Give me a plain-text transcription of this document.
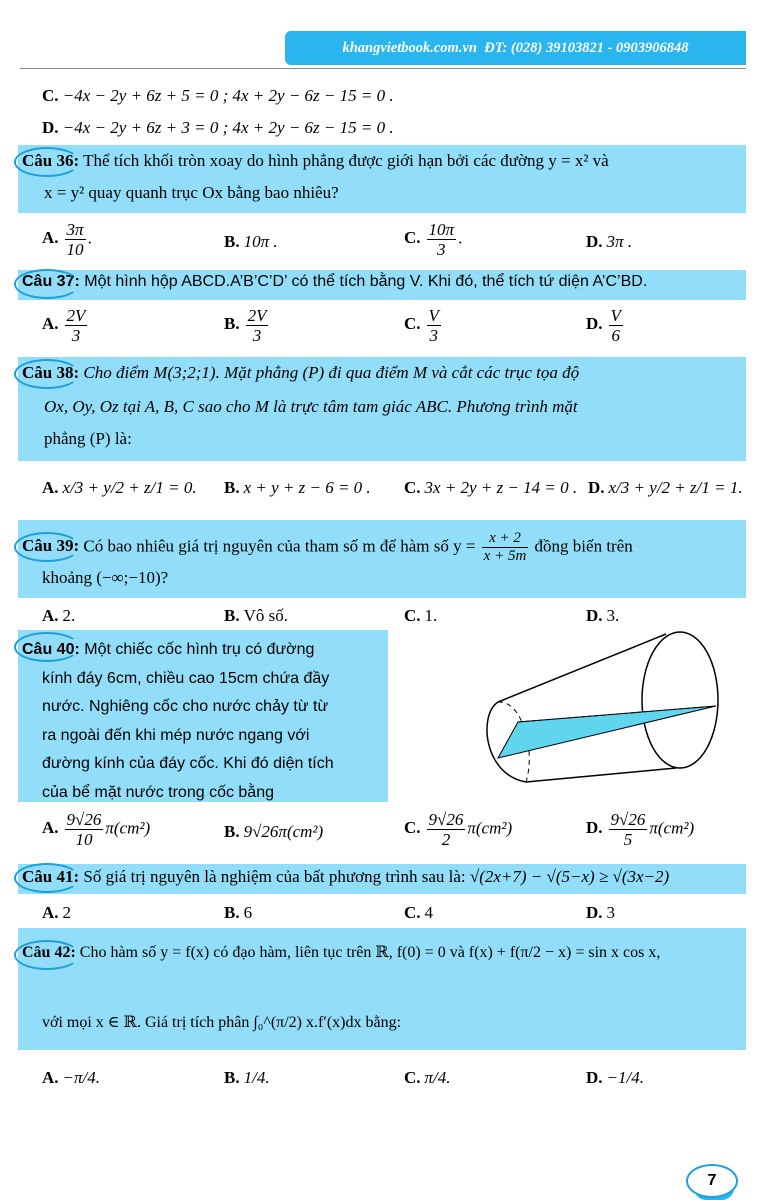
khangvietbook.com.vn ĐT: (028) 39103821 - 0903906848
C. −4x − 2y + 6z + 5 = 0 ; 4x + 2y − 6z − 15 = 0 .
D. −4x − 2y + 6z + 3 = 0 ; 4x + 2y − 6z − 15 = 0 .
Câu 36: Thể tích khối tròn xoay do hình phẳng được giới hạn bởi các đường y = x² và
x = y² quay quanh trục Ox bằng bao nhiêu?
A. $\frac{3\pi}{10}$ .	B. 10π .	C. $\frac{10\pi}{3}$ .	D. 3π .
Câu 37: Một hình hộp ABCD.A’B’C’D’ có thể tích bằng V. Khi đó, thể tích tứ diện A’C’BD.
A. $\frac{2V}{3}$	B. $\frac{2V}{3}$	C. $\frac{V}{3}$	D. $\frac{V}{6}$
Câu 38: Cho điểm M(3;2;1). Mặt phẳng (P) đi qua điểm M và cắt các trục tọa độ
Ox, Oy, Oz tại A, B, C sao cho M là trực tâm tam giác ABC. Phương trình mặt
phẳng (P) là:
A. x/3 + y/2 + z/1 = 0. B. x + y + z − 6 = 0 . C. 3x + 2y + z − 14 = 0 . D. x/3 + y/2 + z/1 = 1.
Câu 39: Có bao nhiêu giá trị nguyên của tham số m để hàm số $y = \frac{x + 2}{x + 5m}$ đồng biến trên
khoảng (−∞;−10)?
A. 2.	B. Vô số.	C. 1.	D. 3.
Câu 40: Một chiếc cốc hình trụ có đường
kính đáy 6cm, chiều cao 15cm chứa đầy
nước. Nghiêng cốc cho nước chảy từ từ
ra ngoài đến khi mép nước ngang với
đường kính của đáy cốc. Khi đó diện tích
của bể mặt nước trong cốc bằng
A. $\frac{9√26}{10} \pi(cm^2)$	B. 9√26π(cm²)	C. $\frac{9√26}{2} \pi(cm^2)$	D. $\frac{9√26}{5} \pi(cm^2)$
Câu 41: Số giá trị nguyên là nghiệm của bất phương trình sau là: √(2x+7) − √(5−x) ≥ √(3x−2)
A. 2	B. 6	C. 4	D. 3
Câu 42: Cho hàm số y = f(x) có đạo hàm, liên tục trên ℝ, f(0) = 0 và f(x) + f(π/2 − x) = sin x cos x,
với mọi x ∈ ℝ. Giá trị tích phân ∫₀^(π/2) x.f′(x)dx bằng:
A. −π/4.	B. 1/4.	C. π/4.	D. −1/4.
7
